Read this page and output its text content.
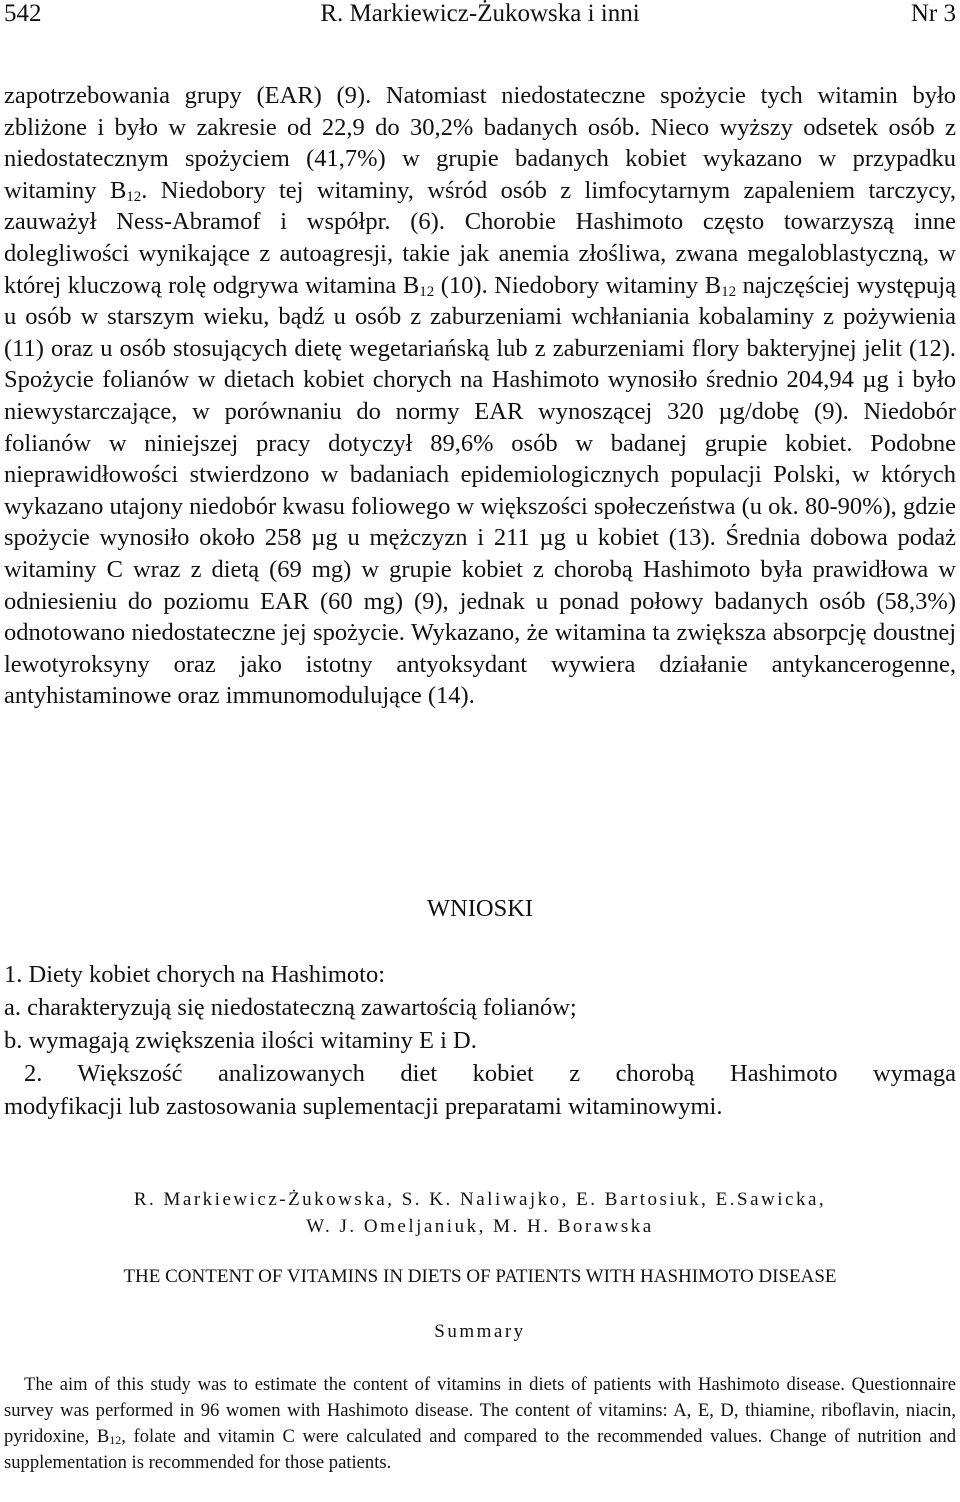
542	R. Markiewicz-Żukowska i inni	Nr 3

zapotrzebowania grupy (EAR) (9). Natomiast niedostateczne spożycie tych witamin było zbliżone i było w zakresie od 22,9 do 30,2% badanych osób. Nieco wyższy odsetek osób z niedostatecznym spożyciem (41,7%) w grupie badanych kobiet wykazano w przypadku witaminy $B_{12}$. Niedobory tej witaminy, wśród osób z limfocytarnym zapaleniem tarczycy, zauważył Ness-Abramof i współpr. (6). Chorobie Hashimoto często towarzyszą inne dolegliwości wynikające z autoagresji, takie jak anemia złośliwa, zwana megaloblastyczną, w której kluczową rolę odgrywa witamina $B_{12}$ (10). Niedobory witaminy $B_{12}$ najczęściej występują u osób w starszym wieku, bądź u osób z zaburzeniami wchłaniania kobalaminy z pożywienia (11) oraz u osób stosujących dietę wegetariańską lub z zaburzeniami flory bakteryjnej jelit (12). Spożycie folianów w dietach kobiet chorych na Hashimoto wynosiło średnio 204,94 µg i było niewystarczające, w porównaniu do normy EAR wynoszącej 320 µg/dobę (9). Niedobór folianów w niniejszej pracy dotyczył 89,6% osób w badanej grupie kobiet. Podobne nieprawidłowości stwierdzono w badaniach epidemiologicznych populacji Polski, w których wykazano utajony niedobór kwasu foliowego w większości społeczeństwa (u ok. 80-90%), gdzie spożycie wynosiło około 258 µg u mężczyzn i 211 µg u kobiet (13). Średnia dobowa podaż witaminy C wraz z dietą (69 mg) w grupie kobiet z chorobą Hashimoto była prawidłowa w odniesieniu do poziomu EAR (60 mg) (9), jednak u ponad połowy badanych osób (58,3%) odnotowano niedostateczne jej spożycie. Wykazano, że witamina ta zwiększa absorpcję doustnej lewotyroksyny oraz jako istotny antyoksydant wywiera działanie antykancerogenne, antyhistaminowe oraz immunomodulujące (14).

WNIOSKI

1. Diety kobiet chorych na Hashimoto:

a. charakteryzują się niedostateczną zawartością folianów;

b. wymagają zwiększenia ilości witaminy E i D.

2. Większość analizowanych diet kobiet z chorobą Hashimoto wymaga

modyfikacji lub zastosowania suplementacji preparatami witaminowymi.

R. Markiewicz-Żukowska, S. K. Naliwajko, E. Bartosiuk, E.Sawicka,
W. J. Omeljaniuk, M. H. Borawska

THE CONTENT OF VITAMINS IN DIETS OF PATIENTS WITH HASHIMOTO DISEASE
Summary

The aim of this study was to estimate the content of vitamins in diets of patients with Hashimoto disease. Questionnaire survey was performed in 96 women with Hashimoto disease. The content of vitamins: A, E, D, thiamine, riboflavin, niacin, pyridoxine, $B_{12}$, folate and vitamin C were calculated and compared to the recommended values. Change of nutrition and supplementation is recommended for those patients.
